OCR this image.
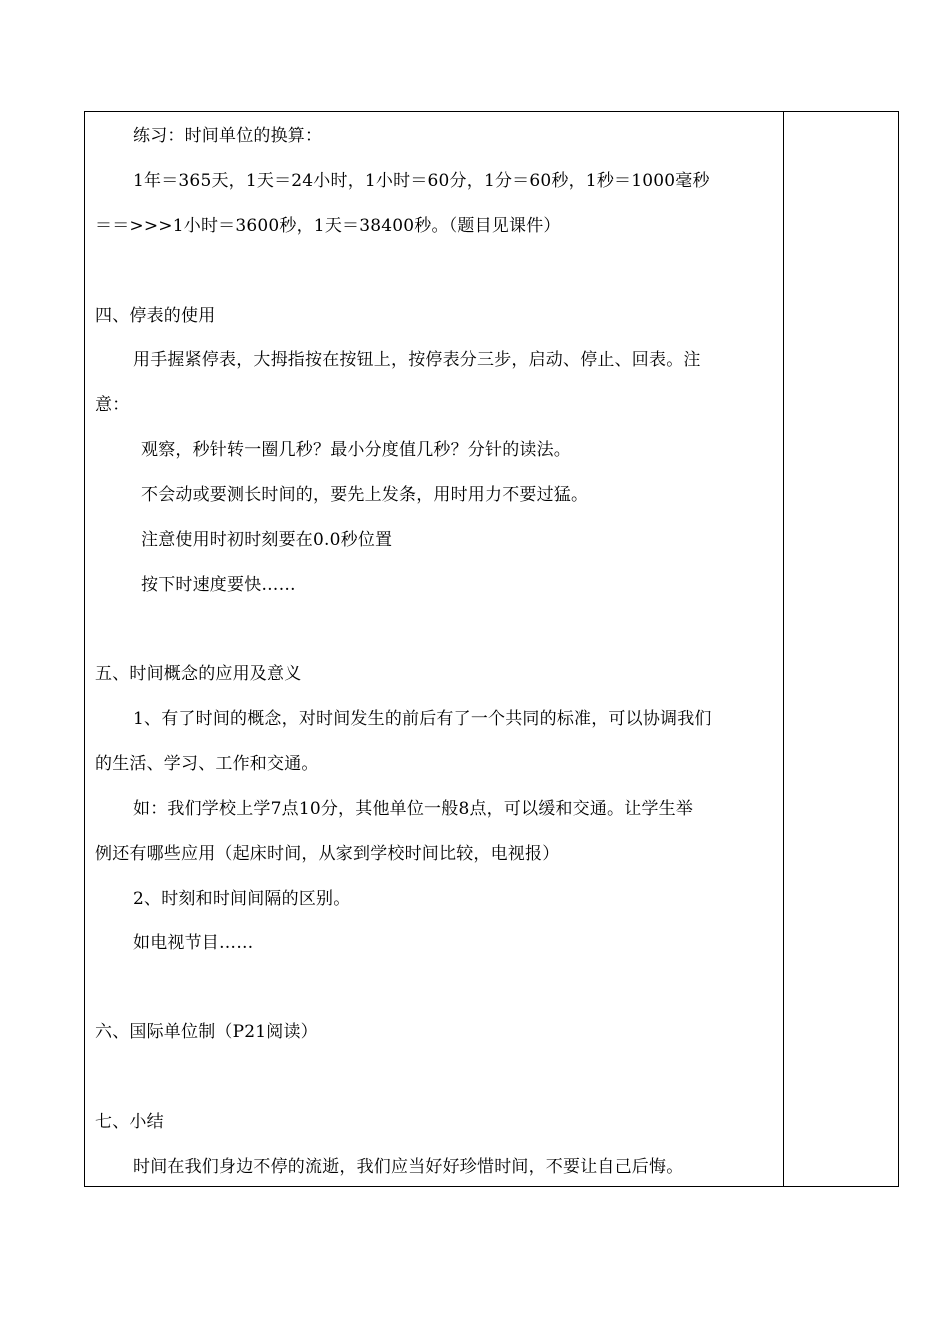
练习：时间单位的换算：
1年＝365天，1天＝24小时，1小时＝60分，1分＝60秒，1秒＝1000毫秒
＝＝>>>1小时＝3600秒，1天＝38400秒。（题目见课件）
四、停表的使用
用手握紧停表，大拇指按在按钮上，按停表分三步，启动、停止、回表。注
意：
观察，秒针转一圈几秒？最小分度值几秒？分针的读法。
不会动或要测长时间的，要先上发条，用时用力不要过猛。
注意使用时初时刻要在0.0秒位置
按下时速度要快……
五、时间概念的应用及意义
1、有了时间的概念，对时间发生的前后有了一个共同的标准，可以协调我们
的生活、学习、工作和交通。
如：我们学校上学7点10分，其他单位一般8点，可以缓和交通。让学生举
例还有哪些应用（起床时间，从家到学校时间比较，电视报）
2、时刻和时间间隔的区别。
如电视节目……
六、国际单位制（P21阅读）
七、小结
时间在我们身边不停的流逝，我们应当好好珍惜时间，不要让自己后悔。
